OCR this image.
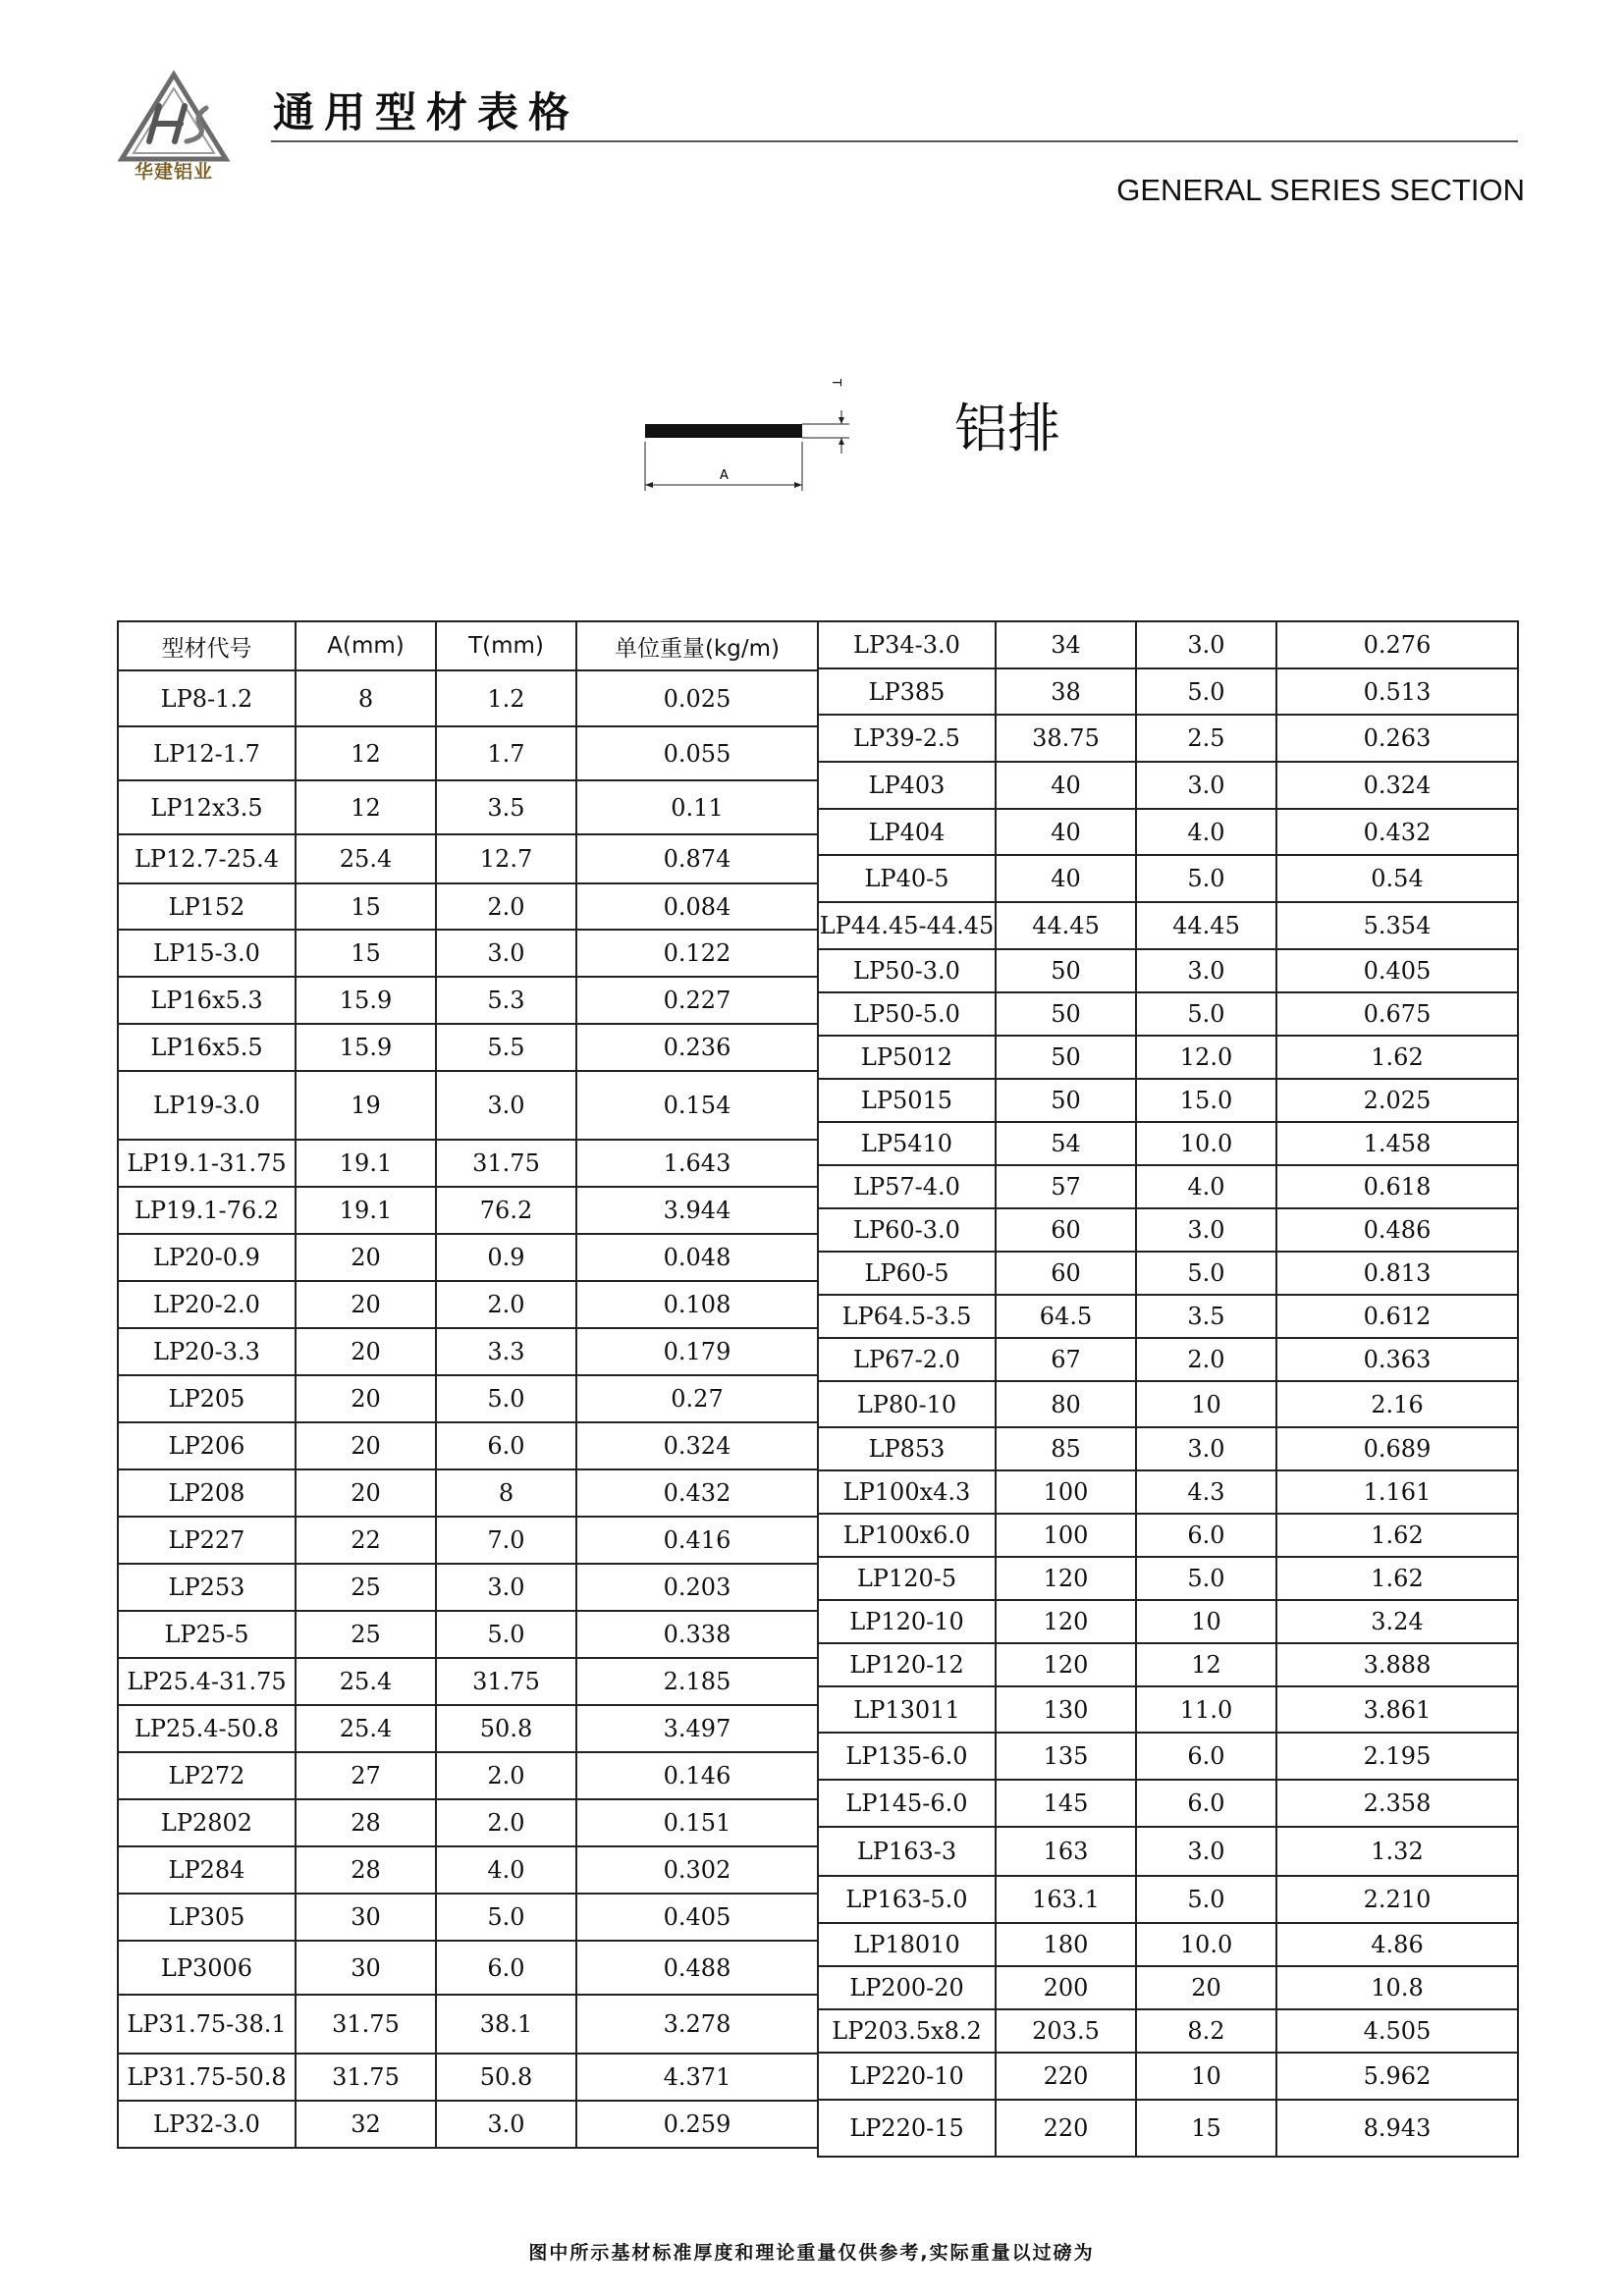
华建铝业
通用型材表格
GENERAL SERIES SECTION
T
A
铝排
型材代号	A(mm)	T(mm)	单位重量(kg/m)
LP8-1.2	8	1.2	0.025
LP12-1.7	12	1.7	0.055
LP12x3.5	12	3.5	0.11
LP12.7-25.4	25.4	12.7	0.874
LP152	15	2.0	0.084
LP15-3.0	15	3.0	0.122
LP16x5.3	15.9	5.3	0.227
LP16x5.5	15.9	5.5	0.236
LP19-3.0	19	3.0	0.154
LP19.1-31.75	19.1	31.75	1.643
LP19.1-76.2	19.1	76.2	3.944
LP20-0.9	20	0.9	0.048
LP20-2.0	20	2.0	0.108
LP20-3.3	20	3.3	0.179
LP205	20	5.0	0.27
LP206	20	6.0	0.324
LP208	20	8	0.432
LP227	22	7.0	0.416
LP253	25	3.0	0.203
LP25-5	25	5.0	0.338
LP25.4-31.75	25.4	31.75	2.185
LP25.4-50.8	25.4	50.8	3.497
LP272	27	2.0	0.146
LP2802	28	2.0	0.151
LP284	28	4.0	0.302
LP305	30	5.0	0.405
LP3006	30	6.0	0.488
LP31.75-38.1	31.75	38.1	3.278
LP31.75-50.8	31.75	50.8	4.371
LP32-3.0	32	3.0	0.259
LP34-3.0	34	3.0	0.276
LP385	38	5.0	0.513
LP39-2.5	38.75	2.5	0.263
LP403	40	3.0	0.324
LP404	40	4.0	0.432
LP40-5	40	5.0	0.54
LP44.45-44.45	44.45	44.45	5.354
LP50-3.0	50	3.0	0.405
LP50-5.0	50	5.0	0.675
LP5012	50	12.0	1.62
LP5015	50	15.0	2.025
LP5410	54	10.0	1.458
LP57-4.0	57	4.0	0.618
LP60-3.0	60	3.0	0.486
LP60-5	60	5.0	0.813
LP64.5-3.5	64.5	3.5	0.612
LP67-2.0	67	2.0	0.363
LP80-10	80	10	2.16
LP853	85	3.0	0.689
LP100x4.3	100	4.3	1.161
LP100x6.0	100	6.0	1.62
LP120-5	120	5.0	1.62
LP120-10	120	10	3.24
LP120-12	120	12	3.888
LP13011	130	11.0	3.861
LP135-6.0	135	6.0	2.195
LP145-6.0	145	6.0	2.358
LP163-3	163	3.0	1.32
LP163-5.0	163.1	5.0	2.210
LP18010	180	10.0	4.86
LP200-20	200	20	10.8
LP203.5x8.2	203.5	8.2	4.505
LP220-10	220	10	5.962
LP220-15	220	15	8.943
图中所示基材标准厚度和理论重量仅供参考,实际重量以过磅为
